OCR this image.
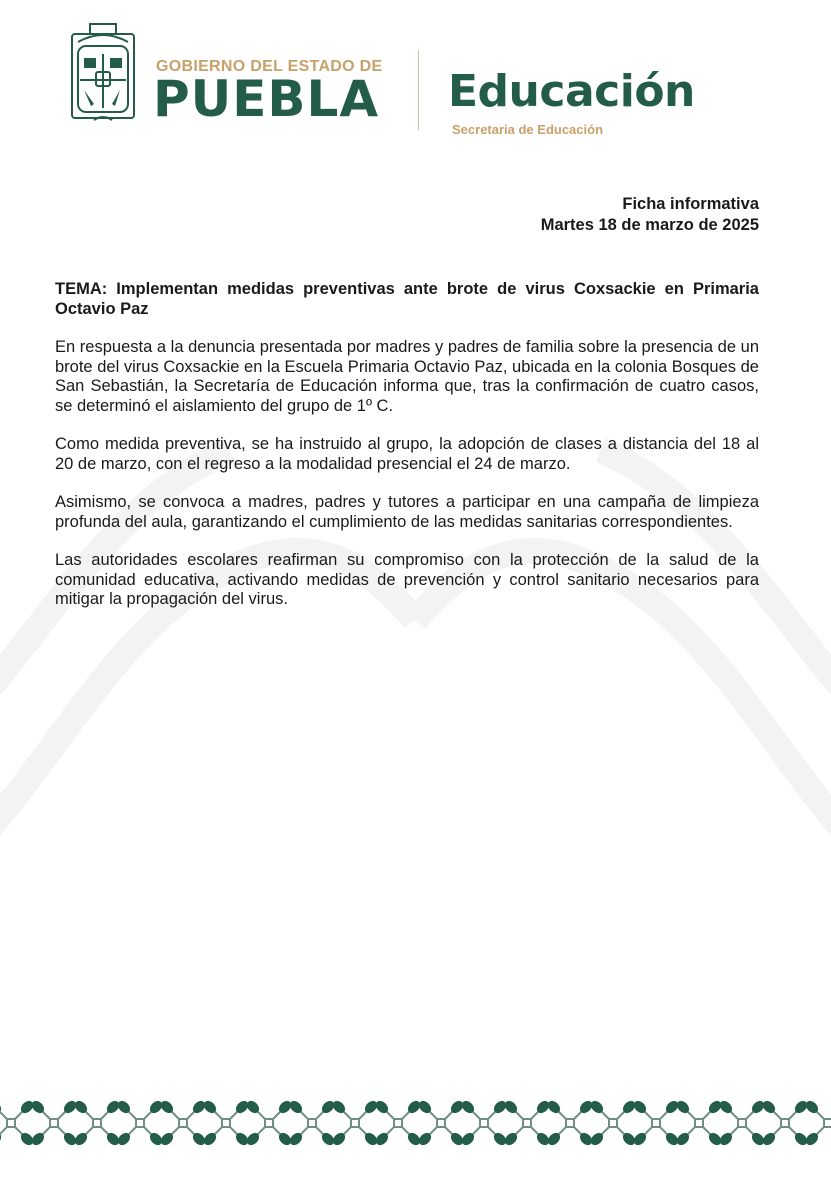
GOBIERNO DEL ESTADO DE
PUEBLA Educación
Secretaria de Educación
Ficha informativa
Martes 18 de marzo de 2025

TEMA: Implementan medidas preventivas ante brote de virus Coxsackie en Primaria Octavio Paz

En respuesta a la denuncia presentada por madres y padres de familia sobre la presencia de un brote del virus Coxsackie en la Escuela Primaria Octavio Paz, ubicada en la colonia Bosques de San Sebastián, la Secretaría de Educación informa que, tras la confirmación de cuatro casos, se determinó el aislamiento del grupo de 1º C.

Como medida preventiva, se ha instruido al grupo, la adopción de clases a distancia del 18 al 20 de marzo, con el regreso a la modalidad presencial el 24 de marzo.

Asimismo, se convoca a madres, padres y tutores a participar en una campaña de limpieza profunda del aula, garantizando el cumplimiento de las medidas sanitarias correspondientes.

Las autoridades escolares reafirman su compromiso con la protección de la salud de la comunidad educativa, activando medidas de prevención y control sanitario necesarios para mitigar la propagación del virus.
